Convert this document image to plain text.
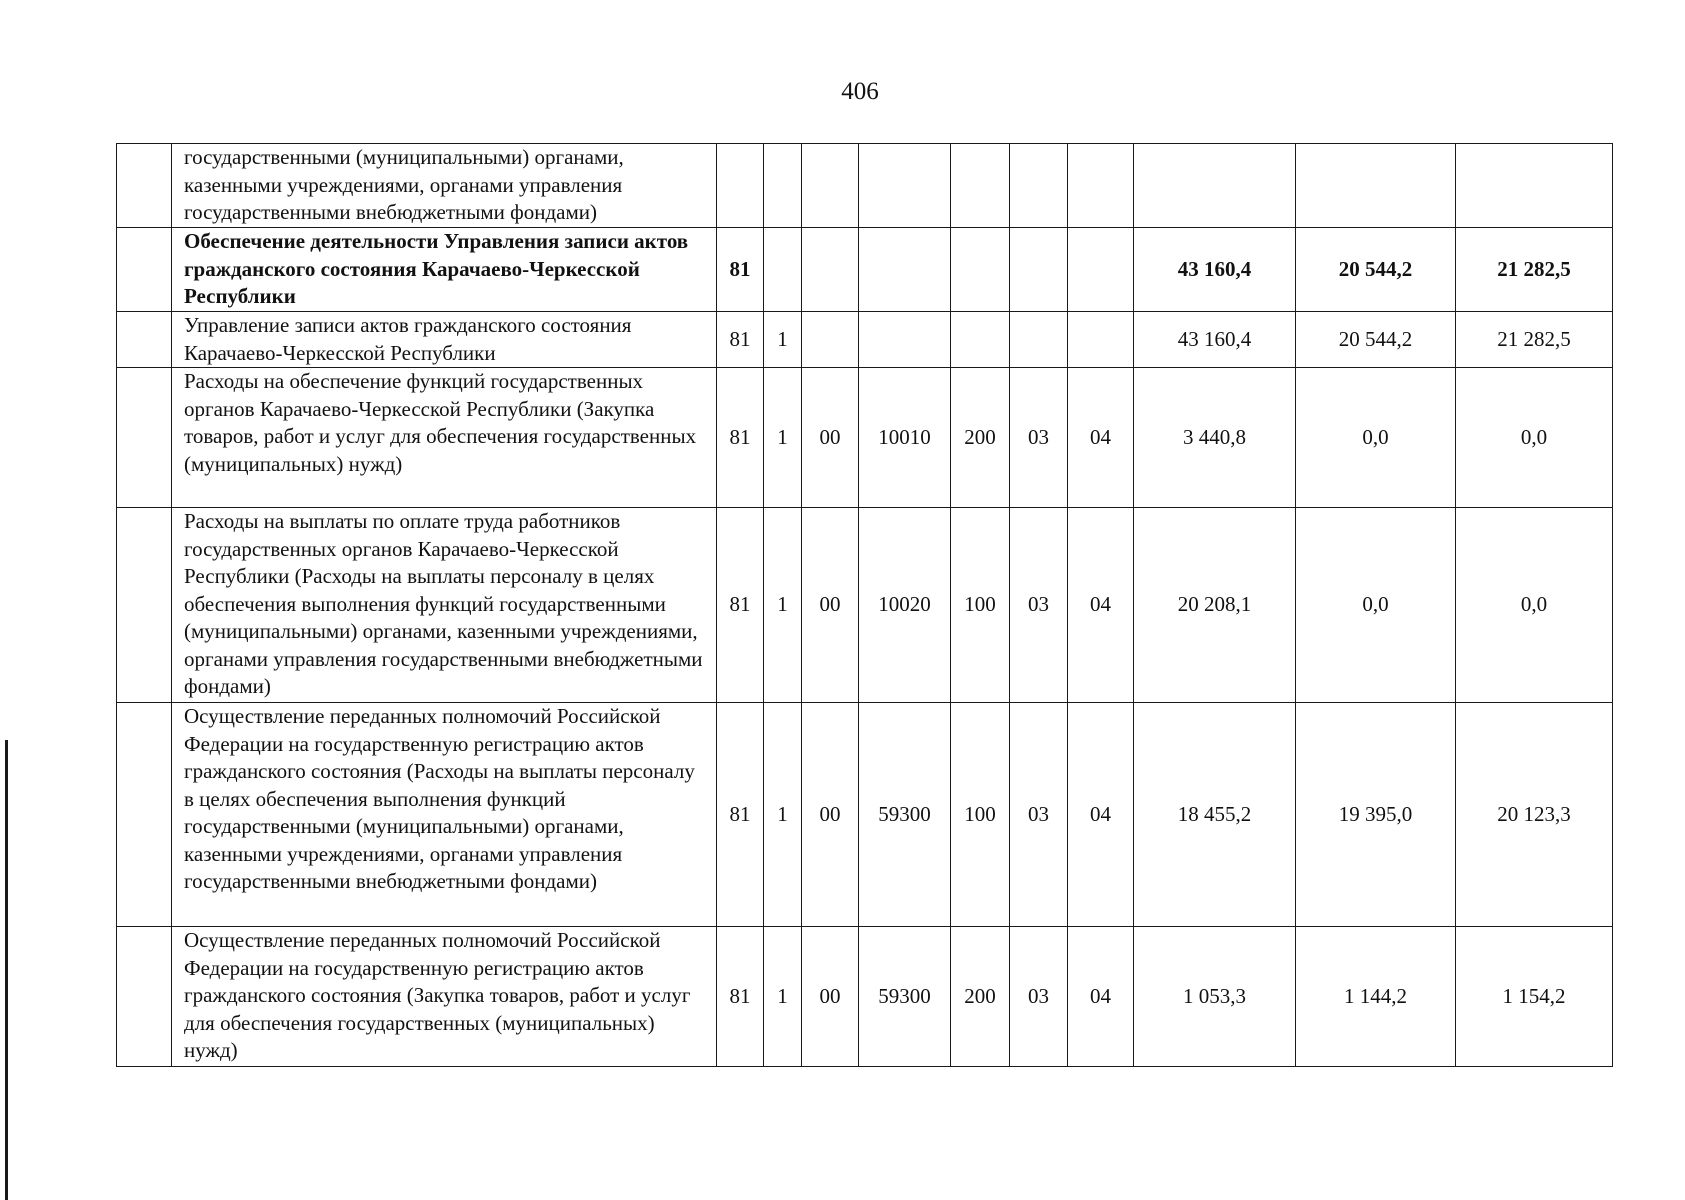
406
	государственными (муниципальными) органами, казенными учреждениями, органами управления государственными внебюджетными фондами)										
	Обеспечение деятельности Управления записи актов гражданского состояния Карачаево-Черкесской Республики	81							43 160,4	20 544,2	21 282,5
	Управление записи актов гражданского состояния Карачаево-Черкесской Республики	81	1						43 160,4	20 544,2	21 282,5
	Расходы на обеспечение функций государственных органов Карачаево-Черкесской Республики (Закупка товаров, работ и услуг для обеспечения государственных (муниципальных) нужд)	81	1	00	10010	200	03	04	3 440,8	0,0	0,0
	Расходы на выплаты по оплате труда работников государственных органов Карачаево-Черкесской Республики (Расходы на выплаты персоналу в целях обеспечения выполнения функций государственными (муниципальными) органами, казенными учреждениями, органами управления государственными внебюджетными фондами)	81	1	00	10020	100	03	04	20 208,1	0,0	0,0
	Осуществление переданных полномочий Российской Федерации на государственную регистрацию актов гражданского состояния (Расходы на выплаты персоналу в целях обеспечения выполнения функций государственными (муниципальными) органами, казенными учреждениями, органами управления государственными внебюджетными фондами)	81	1	00	59300	100	03	04	18 455,2	19 395,0	20 123,3
	Осуществление переданных полномочий Российской Федерации на государственную регистрацию актов гражданского состояния (Закупка товаров, работ и услуг для обеспечения государственных (муниципальных) нужд)	81	1	00	59300	200	03	04	1 053,3	1 144,2	1 154,2
